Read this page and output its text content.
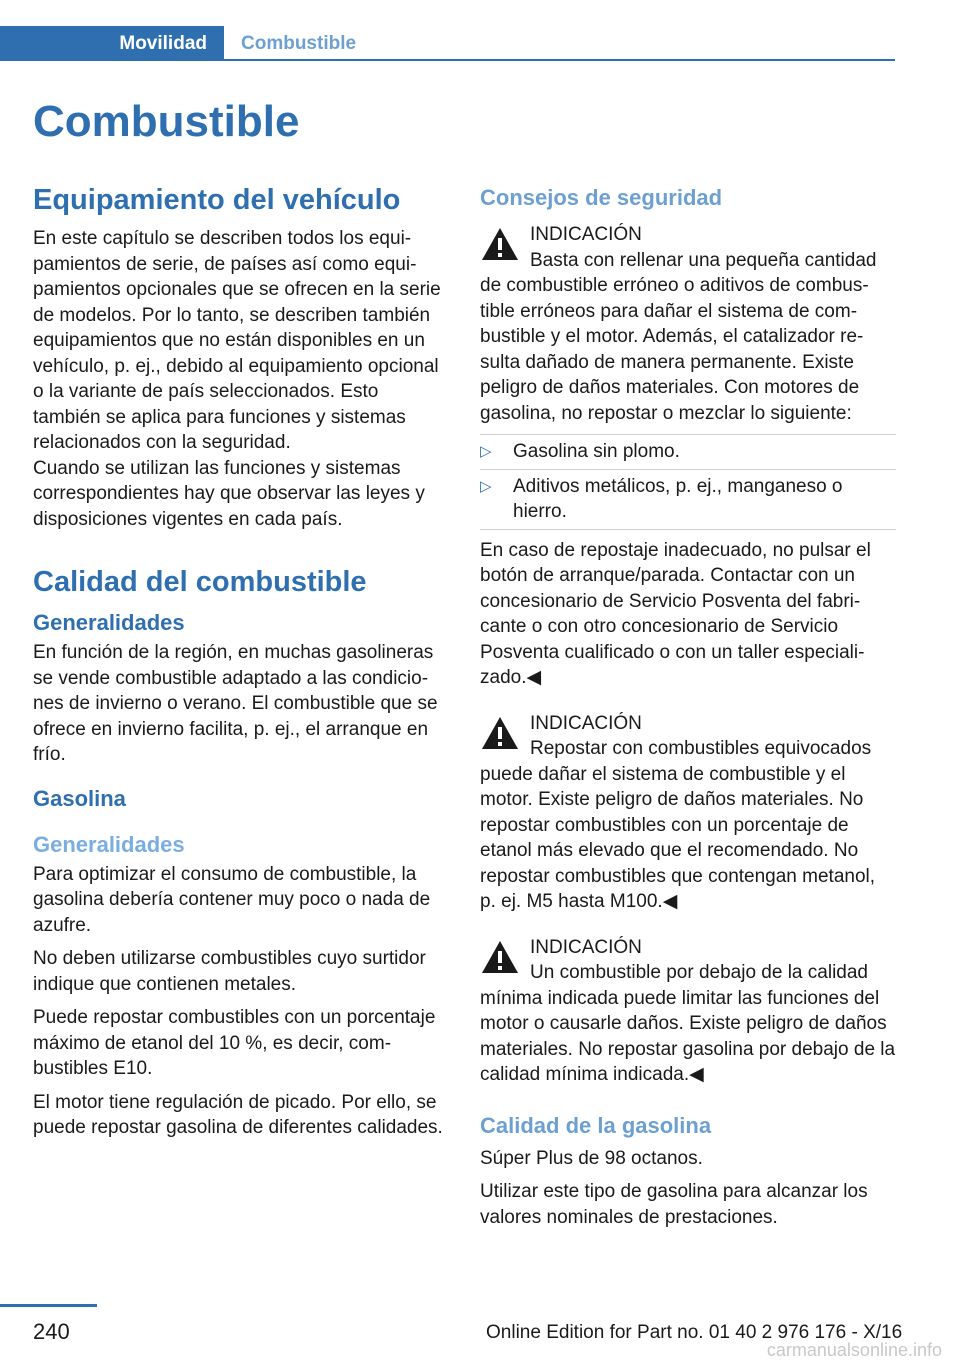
Movilidad	Combustible
Combustible
Equipamiento del vehículo

En este capítulo se describen todos los equipamientos de serie, de países así como equipamientos opcionales que se ofrecen en la serie de modelos. Por lo tanto, se describen también equipamientos que no están disponibles en un vehículo, p. ej., debido al equipamiento opcional o la variante de país seleccionados. Esto también se aplica para funciones y sistemas relacionados con la seguridad.

Cuando se utilizan las funciones y sistemas correspondientes hay que observar las leyes y disposiciones vigentes en cada país.

Calidad del combustible
Generalidades

En función de la región, en muchas gasolineras se vende combustible adaptado a las condiciones de invierno o verano. El combustible que se ofrece en invierno facilita, p. ej., el arranque en frío.

Gasolina
Generalidades

Para optimizar el consumo de combustible, la gasolina debería contener muy poco o nada de azufre.

No deben utilizarse combustibles cuyo surtidor indique que contienen metales.

Puede repostar combustibles con un porcentaje máximo de etanol del 10 %, es decir, combustibles E10.

El motor tiene regulación de picado. Por ello, se puede repostar gasolina de diferentes calidades.

Consejos de seguridad

INDICACIÓN

Basta con rellenar una pequeña cantidad

de combustible erróneo o aditivos de combustible erróneos para dañar el sistema de combustible y el motor. Además, el catalizador resulta dañado de manera permanente. Existe peligro de daños materiales. Con motores de gasolina, no repostar o mezclar lo siguiente:

▷ Gasolina sin plomo.
▷ Aditivos metálicos, p. ej., manganeso o hierro.

En caso de repostaje inadecuado, no pulsar el botón de arranque/parada. Contactar con un concesionario de Servicio Posventa del fabricante o con otro concesionario de Servicio Posventa cualificado o con un taller especializado.◀

INDICACIÓN

Repostar con combustibles equivocados

puede dañar el sistema de combustible y el motor. Existe peligro de daños materiales. No repostar combustibles con un porcentaje de etanol más elevado que el recomendado. No repostar combustibles que contengan metanol, p. ej. M5 hasta M100.◀

INDICACIÓN

Un combustible por debajo de la calidad

mínima indicada puede limitar las funciones del motor o causarle daños. Existe peligro de daños materiales. No repostar gasolina por debajo de la calidad mínima indicada.◀

Calidad de la gasolina

Súper Plus de 98 octanos.

Utilizar este tipo de gasolina para alcanzar los valores nominales de prestaciones.

240	Online Edition for Part no. 01 40 2 976 176 - X/16
carmanualsonline.info
